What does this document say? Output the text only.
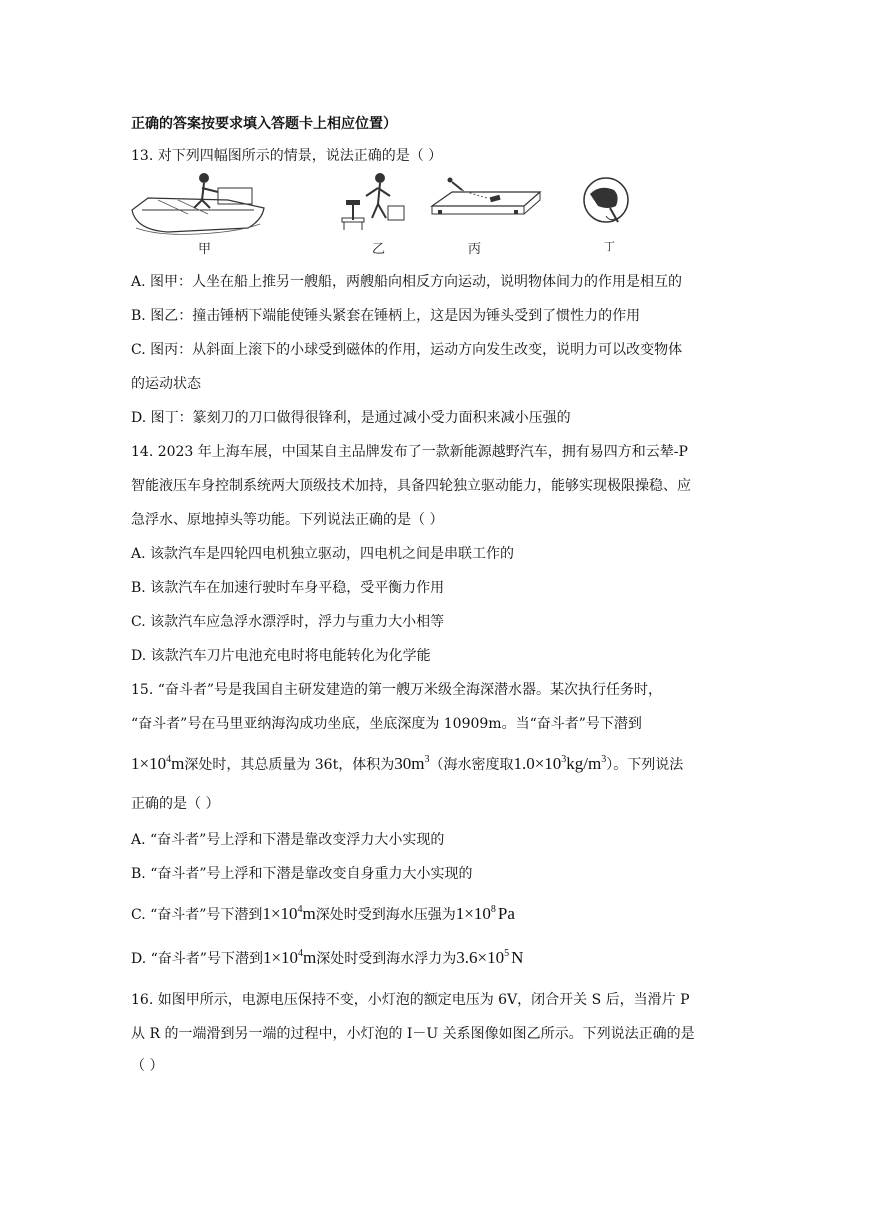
正确的答案按要求填入答题卡上相应位置）
13. 对下列四幅图所示的情景，说法正确的是（ ）
甲	乙	丙	丁
A. 图甲：人坐在船上推另一艘船，两艘船向相反方向运动，说明物体间力的作用是相互的
B. 图乙：撞击锤柄下端能使锤头紧套在锤柄上，这是因为锤头受到了惯性力的作用
C. 图丙：从斜面上滚下的小球受到磁体的作用，运动方向发生改变，说明力可以改变物体
的运动状态
D. 图丁：篆刻刀的刀口做得很锋利，是通过减小受力面积来减小压强的
14. 2023 年上海车展，中国某自主品牌发布了一款新能源越野汽车，拥有易四方和云辇-P
智能液压车身控制系统两大顶级技术加持，具备四轮独立驱动能力，能够实现极限操稳、应
急浮水、原地掉头等功能。下列说法正确的是（ ）
A. 该款汽车是四轮四电机独立驱动，四电机之间是串联工作的
B. 该款汽车在加速行驶时车身平稳，受平衡力作用
C. 该款汽车应急浮水漂浮时，浮力与重力大小相等
D. 该款汽车刀片电池充电时将电能转化为化学能
15. “奋斗者”号是我国自主研发建造的第一艘万米级全海深潜水器。某次执行任务时，
“奋斗者”号在马里亚纳海沟成功坐底，坐底深度为 10909m。当“奋斗者”号下潜到
$1\times 10^4m$深处时，其总质量为 36t，体积为$30m^3$（海水密度取$1.0\times 10^3kg/m^3$）。下列说法
正确的是（ ）
A. “奋斗者”号上浮和下潜是靠改变浮力大小实现的
B. “奋斗者”号上浮和下潜是靠改变自身重力大小实现的
C. “奋斗者”号下潜到$1\times 10^4m$深处时受到海水压强为$1\times 10^8$ Pa
D. “奋斗者”号下潜到$1\times 10^4m$深处时受到海水浮力为$3.6\times 10^5$ N
16. 如图甲所示，电源电压保持不变，小灯泡的额定电压为 6V，闭合开关 S 后，当滑片 P
从 R 的一端滑到另一端的过程中，小灯泡的 I－U 关系图像如图乙所示。下列说法正确的是
（ ）
